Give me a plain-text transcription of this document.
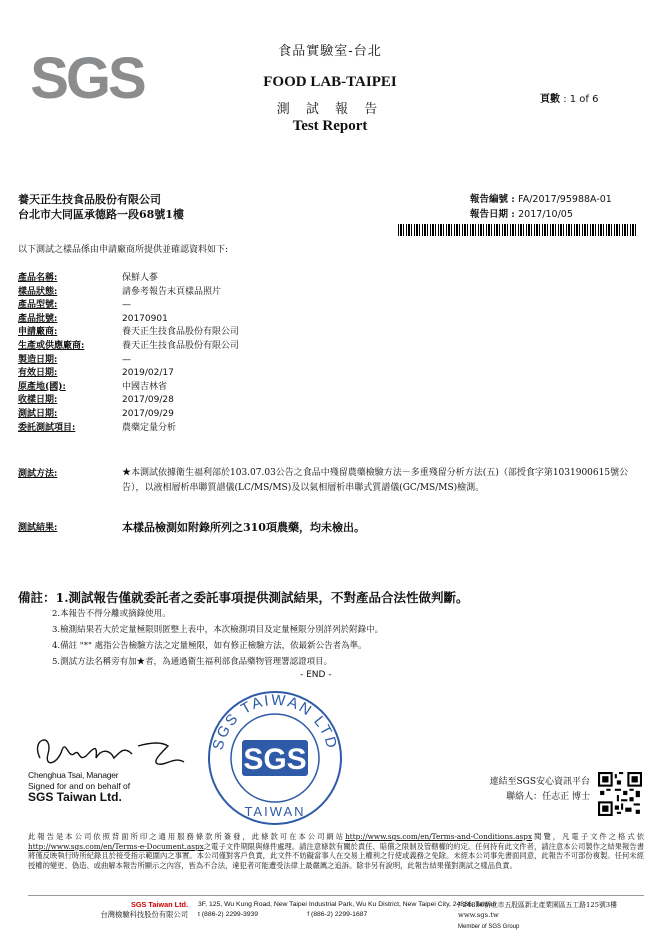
SGS	食品實驗室-台北
FOOD LAB-TAIPEI
測 試 報 告
Test Report
頁數 : 1 of 6
養天正生技食品股份有限公司
台北市大同區承德路一段68號1樓
報告編號 : FA/2017/95988A-01
報告日期 : 2017/10/05
以下測試之樣品係由申請廠商所提供並確認資料如下:
產品名稱:	保鮮人蔘
樣品狀態:	請參考報告末頁樣品照片
產品型號:	—
產品批號:	20170901
申請廠商:	養天正生技食品股份有限公司
生產或供應廠商:	養天正生技食品股份有限公司
製造日期:	—
有效日期:	2019/02/17
原產地(國):	中國吉林省
收樣日期:	2017/09/28
測試日期:	2017/09/29
委託測試項目:	農藥定量分析
測試方法:	★本測試依據衛生福利部於103.07.03公告之食品中殘留農藥檢驗方法－多重殘留分析方法(五)（部授食字第1031900615號公告），以液相層析串聯質譜儀(LC/MS/MS)及以氣相層析串聯式質譜儀(GC/MS/MS)檢測。
測試結果:	本樣品檢測如附錄所列之310項農藥，均未檢出。
備註：1.測試報告僅就委託者之委託事項提供測試結果，不對產品合法性做判斷。
2.本報告不得分離或摘錄使用。
3.檢測結果若大於定量極限則匿整上表中，本次檢測項目及定量極限分別詳列於附錄中。
4.備註 "*" 處指公告檢驗方法之定量極限，如有修正檢驗方法，依最新公告者為準。
5.測試方法名稱旁有加★者，為通過衛生福利部食品藥物管理署認證項目。
- END -
Chenghua Tsai, Manager
Signed for and on behalf of
SGS Taiwan Ltd.
SGS TAIWAN LTD
SGS
TAIWAN
連結至SGS安心資訊平台
聯絡人：任志正 博士
此報告是本公司依照背面所印之通用服務條款所簽發，此條款可在本公司網站http://www.sgs.com/en/Terms-and-Conditions.aspx閱覽，凡電子文件之格式依http://www.sgs.com/en/Terms-e-Document.aspx之電子文件期限與條件處理。請注意條款有關於責任、賠償之限制及管轄權的約定。任何持有此文件者，請注意本公司製作之結果報告書將僅反映執行時所紀錄且於接受指示範圍內之事實。本公司僅對客戶負責，此文件不妨礙當事人在交易上權利之行使或義務之免除。未經本公司事先書面同意，此報告不可部份複製。任何未經授權的變更、偽造、或曲解本報告所顯示之內容，皆為不合法，違犯者可能遭受法律上最嚴厲之追訴。除非另有說明，此報告結果僅對測試之樣品負責。
SGS Taiwan Ltd.
台灣檢驗科技股份有限公司
3F, 125, Wu Kung Road, New Taipei Industrial Park, Wu Ku District, New Taipei City, 24886, Taiwan
t (886-2) 2299-3939	f (886-2) 2299-1687
/ 24886新北市五股區新北產業園區五工路125號3樓
www.sgs.tw
Member of SGS Group
